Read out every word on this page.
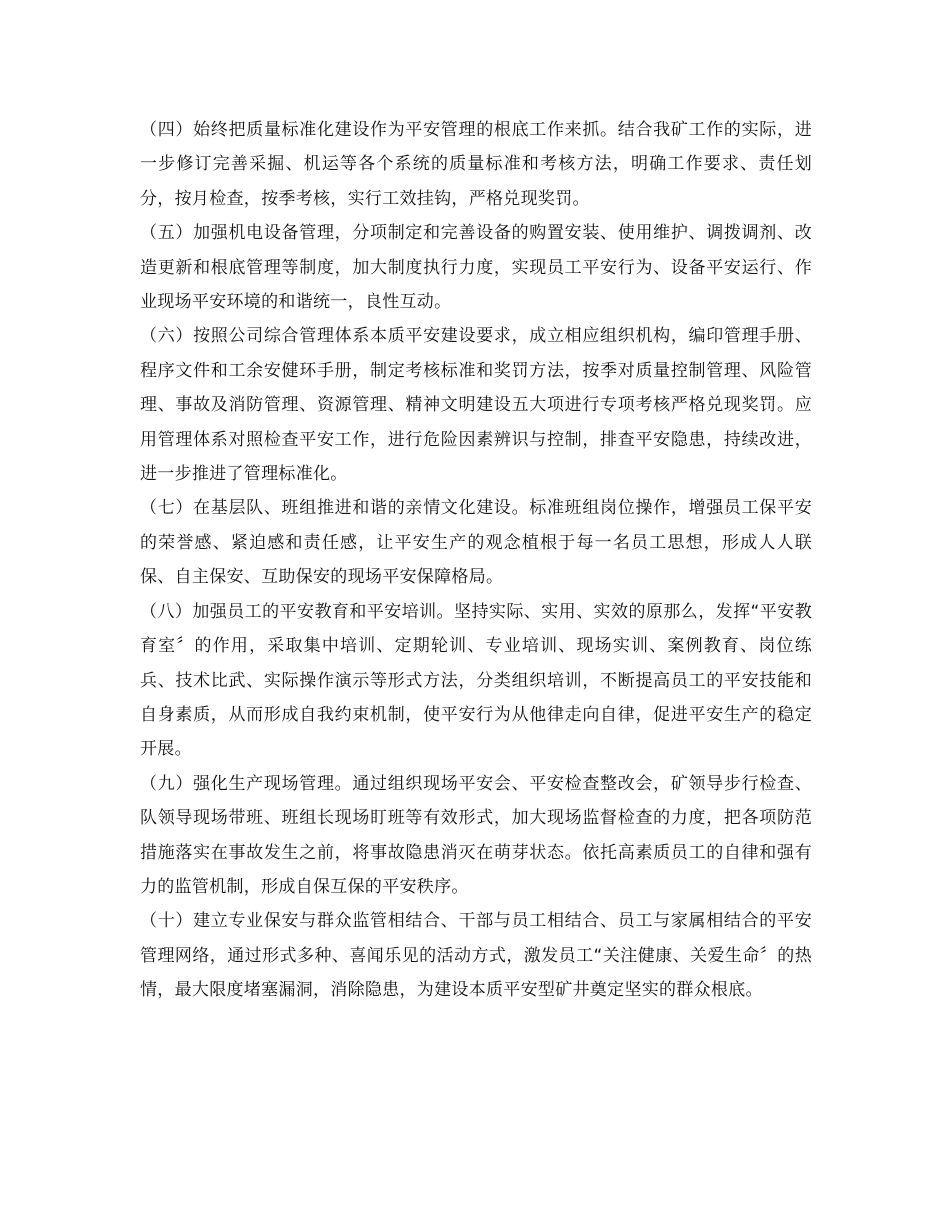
（四）始终把质量标准化建设作为平安管理的根底工作来抓。结合我矿工作的实际，进一步修订完善采掘、机运等各个系统的质量标准和考核方法，明确工作要求、责任划分，按月检查，按季考核，实行工效挂钩，严格兑现奖罚。

（五）加强机电设备管理，分项制定和完善设备的购置安装、使用维护、调拨调剂、改造更新和根底管理等制度，加大制度执行力度，实现员工平安行为、设备平安运行、作业现场平安环境的和谐统一，良性互动。

（六）按照公司综合管理体系本质平安建设要求，成立相应组织机构，编印管理手册、程序文件和工余安健环手册，制定考核标准和奖罚方法，按季对质量控制管理、风险管理、事故及消防管理、资源管理、精神文明建设五大项进行专项考核严格兑现奖罚。应用管理体系对照检查平安工作，进行危险因素辨识与控制，排查平安隐患，持续改进，进一步推进了管理标准化。

（七）在基层队、班组推进和谐的亲情文化建设。标准班组岗位操作，增强员工保平安的荣誉感、紧迫感和责任感，让平安生产的观念植根于每一名员工思想，形成人人联保、自主保安、互助保安的现场平安保障格局。

（八）加强员工的平安教育和平安培训。坚持实际、实用、实效的原那么，发挥“平安教育室〞的作用，采取集中培训、定期轮训、专业培训、现场实训、案例教育、岗位练兵、技术比武、实际操作演示等形式方法，分类组织培训，不断提高员工的平安技能和自身素质，从而形成自我约束机制，使平安行为从他律走向自律，促进平安生产的稳定开展。

（九）强化生产现场管理。通过组织现场平安会、平安检查整改会，矿领导步行检查、队领导现场带班、班组长现场盯班等有效形式，加大现场监督检查的力度，把各项防范措施落实在事故发生之前，将事故隐患消灭在萌芽状态。依托高素质员工的自律和强有力的监管机制，形成自保互保的平安秩序。

（十）建立专业保安与群众监管相结合、干部与员工相结合、员工与家属相结合的平安管理网络，通过形式多种、喜闻乐见的活动方式，激发员工“关注健康、关爱生命〞的热情，最大限度堵塞漏洞，消除隐患，为建设本质平安型矿井奠定坚实的群众根底。
